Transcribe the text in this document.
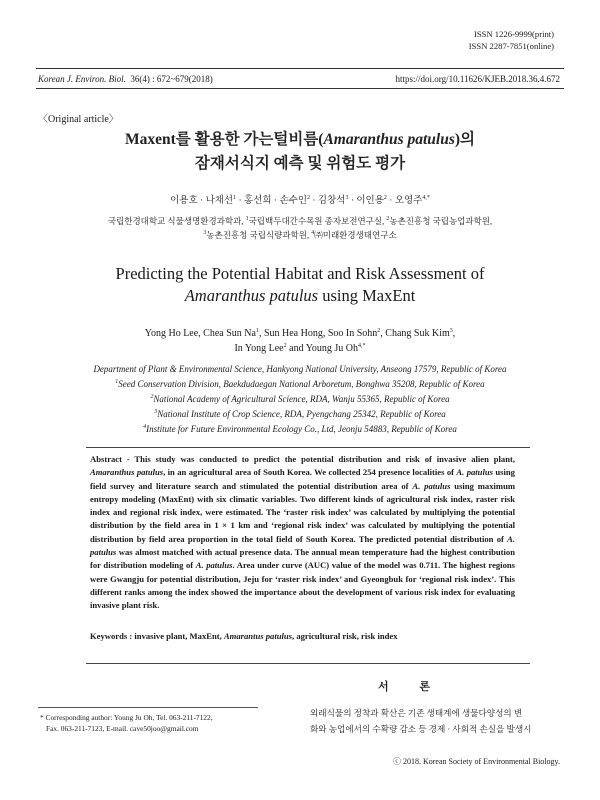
ISSN 1226-9999(print)
ISSN 2287-7851(online)
Korean J. Environ. Biol. 36(4) : 672~679(2018)	https://doi.org/10.11626/KJEB.2018.36.4.672
〈Original article〉
Maxent를 활용한 가는털비름(Amaranthus patulus)의
잠재서식지 예측 및 위험도 평가
이용호 · 나채선$^1$ · 홍선희 · 손수인$^2$ · 김창석$^3$ · 이인용$^2$ · 오영주$^{4,*}$
국립한경대학교 식물생명환경과학과, $^1$국립백두대간수목원 종자보전연구실, $^2$농촌진흥청 국립농업과학원,
$^3$농촌진흥청 국립식량과학원, $^4$㈜미래환경생태연구소
Predicting the Potential Habitat and Risk Assessment of
Amaranthus patulus using MaxEnt
Yong Ho Lee, Chea Sun Na$^1$, Sun Hea Hong, Soo In Sohn$^2$, Chang Suk Kim$^3$,
In Yong Lee$^2$ and Young Ju $Oh^{4,*}$
Department of Plant & Environmental Science, Hankyong National University, Anseong 17579, Republic of Korea
$^1$Seed Conservation Division, Baekdudaegan National Arboretum, Bonghwa 35208, Republic of Korea
$^2$National Academy of Agricultural Science, RDA, Wanju 55365, Republic of Korea
$^3$National Institute of Crop Science, RDA, Pyengchang 25342, Republic of Korea
$^4$Institute for Future Environmental Ecology Co., Ltd, Jeonju 54883, Republic of Korea
Abstract - This study was conducted to predict the potential distribution and risk of invasive alien plant, Amaranthus patulus, in an agricultural area of South Korea. We collected 254 presence localities of A. patulus using field survey and literature search and stimulated the potential distribution area of A. patulus using maximum entropy modeling (MaxEnt) with six climatic variables. Two different kinds of agricultural risk index, raster risk index and regional risk index, were estimated. The ‘raster risk index’ was calculated by multiplying the potential distribution by the field area in 1 × 1 km and ‘regional risk index’ was calculated by multiplying the potential distribution by field area proportion in the total field of South Korea. The predicted potential distribution of A. patulus was almost matched with actual presence data. The annual mean temperature had the highest contribution for distribution modeling of A. patulus. Area under curve (AUC) value of the model was 0.711. The highest regions were Gwangju for potential distribution, Jeju for ‘raster risk index’ and Gyeongbuk for ‘regional risk index’. This different ranks among the index showed the importance about the development of various risk index for evaluating invasive plant risk.
Keywords : invasive plant, MaxEnt, Amarantus patulus, agricultural risk, risk index
서 론
외래식물의 정착과 확산은 기존 생태계에 생물다양성의 변
화와 농업에서의 수확량 감소 등 경제 · 사회적 손실을 발생시
* Corresponding author: Young Ju Oh, Tel. 063-211-7122,
Fax. 063-211-7123, E-mail. cave50joo@gmail.com
ⓒ 2018. Korean Society of Environmental Biology.
